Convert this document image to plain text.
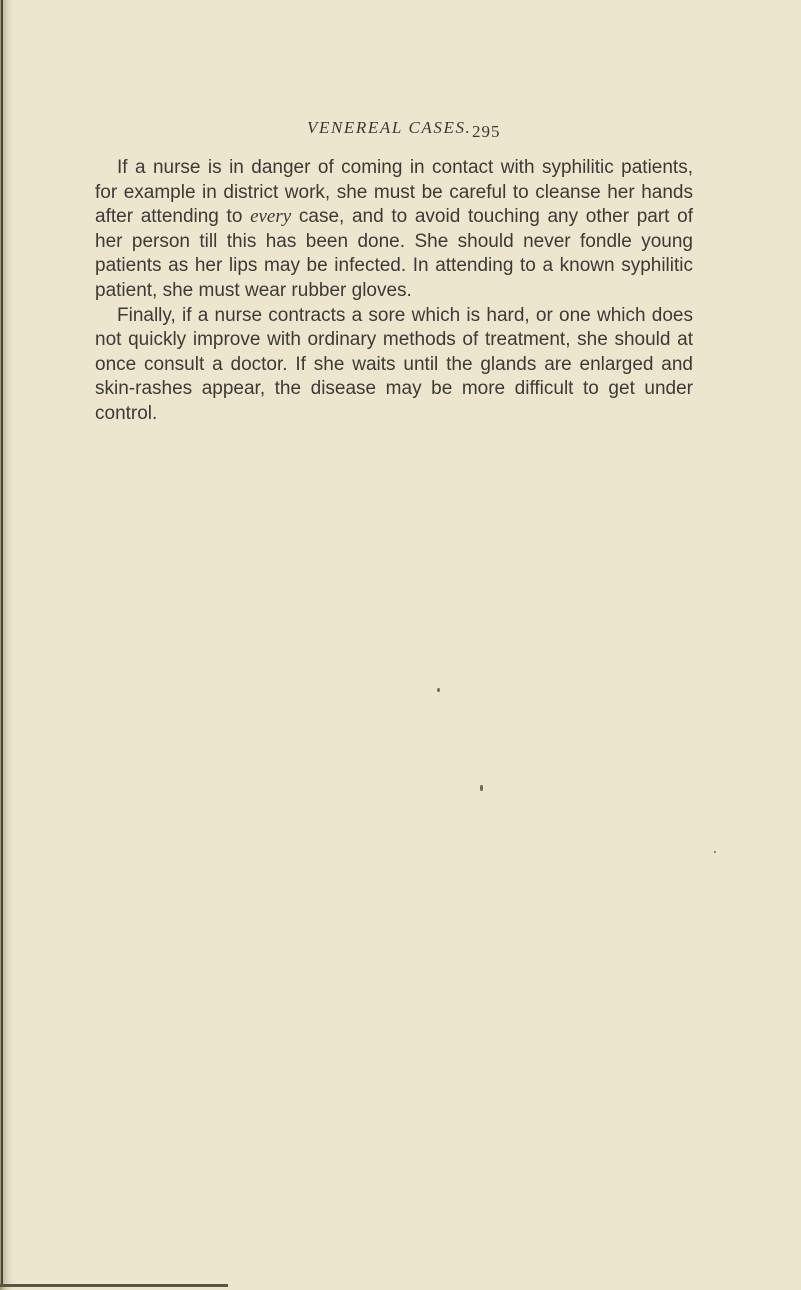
VENEREAL CASES. 295

If a nurse is in danger of coming in contact with syphilitic patients, for example in district work, she must be careful to cleanse her hands after attending to every case, and to avoid touching any other part of her person till this has been done. She should never fondle young patients as her lips may be infected. In attending to a known syphilitic patient, she must wear rubber gloves.

Finally, if a nurse contracts a sore which is hard, or one which does not quickly improve with ordinary methods of treatment, she should at once consult a doctor. If she waits until the glands are enlarged and skin-rashes appear, the disease may be more difficult to get under control.
